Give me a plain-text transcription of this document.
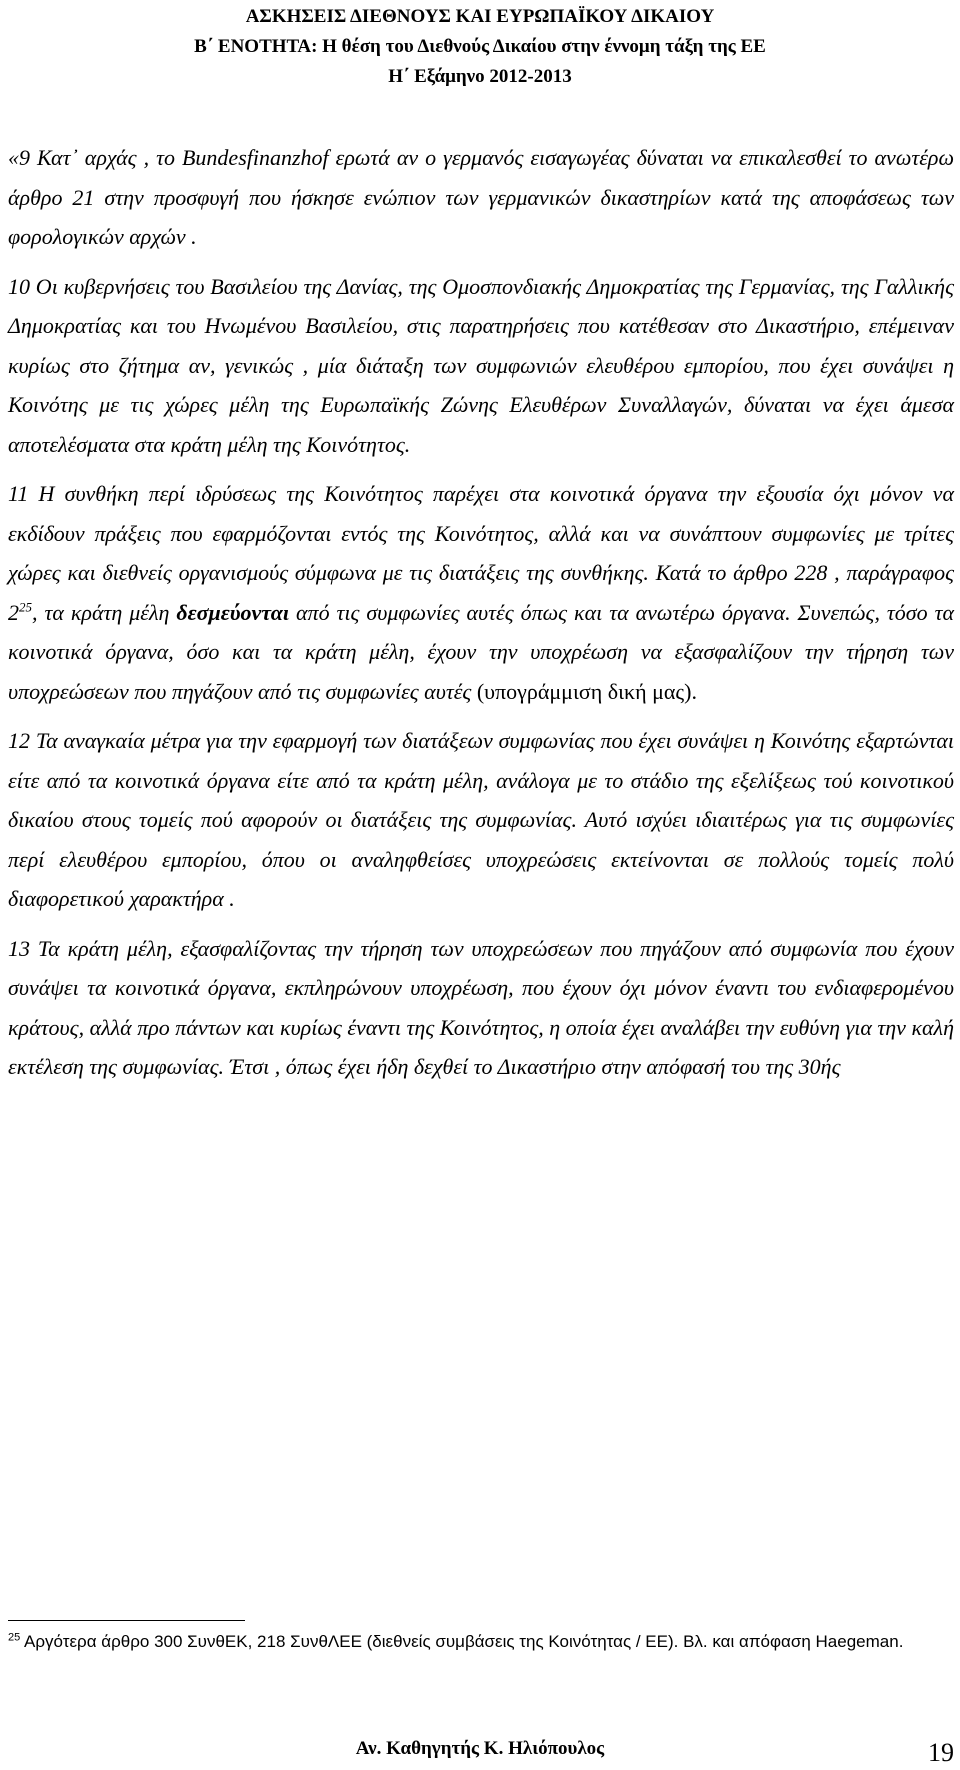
ΑΣΚΗΣΕΙΣ ΔΙΕΘΝΟΥΣ ΚΑΙ ΕΥΡΩΠΑΪΚΟΥ ΔΙΚΑΙΟΥ
Β΄ ΕΝΟΤΗΤΑ: Η θέση του Διεθνούς Δικαίου στην έννομη τάξη της ΕΕ
Η΄ Εξάμηνο 2012-2013

«9 Κατ᾽ αρχάς , το Bundesfinanzhof ερωτά αν ο γερμανός εισαγωγέας δύναται να επικαλεσθεί το ανωτέρω άρθρο 21 στην προσφυγή που ήσκησε ενώπιον των γερμανικών δικαστηρίων κατά της αποφάσεως των φορολογικών αρχών .

10 Οι κυβερνήσεις του Βασιλείου της Δανίας, της Ομοσπονδιακής Δημοκρατίας της Γερμανίας, της Γαλλικής Δημοκρατίας και του Ηνωμένου Βασιλείου, στις παρατηρήσεις που κατέθεσαν στο Δικαστήριο, επέμειναν κυρίως στο ζήτημα αν, γενικώς , μία διάταξη των συμφωνιών ελευθέρου εμπορίου, που έχει συνάψει η Κοινότης με τις χώρες μέλη της Ευρωπαϊκής Ζώνης Ελευθέρων Συναλλαγών, δύναται να έχει άμεσα αποτελέσματα στα κράτη μέλη της Κοινότητος.

11 Η συνθήκη περί ιδρύσεως της Κοινότητος παρέχει στα κοινοτικά όργανα την εξουσία όχι μόνον να εκδίδουν πράξεις που εφαρμόζονται εντός της Κοινότητος, αλλά και να συνάπτουν συμφωνίες με τρίτες χώρες και διεθνείς οργανισμούς σύμφωνα με τις διατάξεις της συνθήκης. Κατά το άρθρο 228 , παράγραφος $2^{25}$, τα κράτη μέλη δεσμεύονται από τις συμφωνίες αυτές όπως και τα ανωτέρω όργανα. Συνεπώς, τόσο τα κοινοτικά όργανα, όσο και τα κράτη μέλη, έχουν την υποχρέωση να εξασφαλίζουν την τήρηση των υποχρεώσεων που πηγάζουν από τις συμφωνίες αυτές (υπογράμμιση δική μας).

12 Τα αναγκαία μέτρα για την εφαρμογή των διατάξεων συμφωνίας που έχει συνάψει η Κοινότης εξαρτώνται είτε από τα κοινοτικά όργανα είτε από τα κράτη μέλη, ανάλογα με το στάδιο της εξελίξεως τού κοινοτικού δικαίου στους τομείς πού αφορούν οι διατάξεις της συμφωνίας. Αυτό ισχύει ιδιαιτέρως για τις συμφωνίες περί ελευθέρου εμπορίου, όπου οι αναληφθείσες υποχρεώσεις εκτείνονται σε πολλούς τομείς πολύ διαφορετικού χαρακτήρα .

13 Τα κράτη μέλη, εξασφαλίζοντας την τήρηση των υποχρεώσεων που πηγάζουν από συμφωνία που έχουν συνάψει τα κοινοτικά όργανα, εκπληρώνουν υποχρέωση, που έχουν όχι μόνον έναντι του ενδιαφερομένου κράτους, αλλά προ πάντων και κυρίως έναντι της Κοινότητος, η οποία έχει αναλάβει την ευθύνη για την καλή εκτέλεση της συμφωνίας. Έτσι , όπως έχει ήδη δεχθεί το Δικαστήριο στην απόφασή του της 30ής

$^{25}$ Αργότερα άρθρο 300 ΣυνθΕΚ, 218 ΣυνθΛΕΕ (διεθνείς συμβάσεις της Κοινότητας / ΕΕ). Βλ. και απόφαση Haegeman.
Αν. Καθηγητής Κ. Ηλιόπουλος	19
